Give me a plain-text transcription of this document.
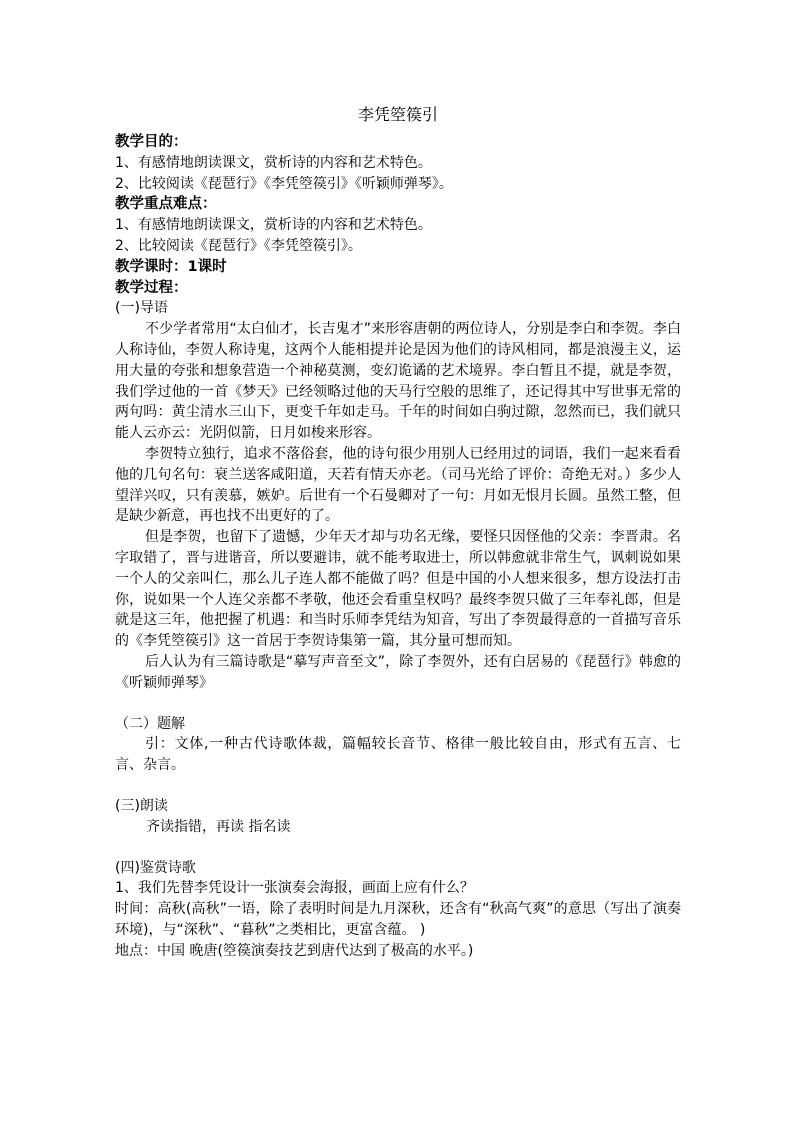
李凭箜篌引
教学目的：
1、有感情地朗读课文，赏析诗的内容和艺术特色。
2、比较阅读《琵琶行》《李凭箜篌引》《听颖师弹琴》。
教学重点难点：
1、有感情地朗读课文，赏析诗的内容和艺术特色。
2、比较阅读《琵琶行》《李凭箜篌引》。
教学课时：1课时
教学过程：
(一)导语
不少学者常用“太白仙才，长吉鬼才”来形容唐朝的两位诗人，分别是李白和李贺。李白人称诗仙，李贺人称诗鬼，这两个人能相提并论是因为他们的诗风相同，都是浪漫主义，运用大量的夸张和想象营造一个神秘莫测，变幻诡谲的艺术境界。李白暂且不提，就是李贺，我们学过他的一首《梦天》已经领略过他的天马行空般的思维了，还记得其中写世事无常的两句吗：黄尘清水三山下，更变千年如走马。千年的时间如白驹过隙，忽然而已，我们就只能人云亦云：光阴似箭，日月如梭来形容。
李贺特立独行，追求不落俗套，他的诗句很少用别人已经用过的词语，我们一起来看看他的几句名句：衰兰送客咸阳道，天若有情天亦老。（司马光给了评价：奇绝无对。）多少人望洋兴叹，只有羡慕，嫉妒。后世有一个石曼卿对了一句：月如无恨月长圆。虽然工整，但是缺少新意，再也找不出更好的了。
但是李贺，也留下了遗憾，少年天才却与功名无缘，要怪只因怪他的父亲：李晋肃。名字取错了，晋与进谐音，所以要避讳，就不能考取进士，所以韩愈就非常生气，讽刺说如果一个人的父亲叫仁，那么儿子连人都不能做了吗？但是中国的小人想来很多，想方设法打击你，说如果一个人连父亲都不孝敬，他还会看重皇权吗？最终李贺只做了三年奉礼郎，但是就是这三年，他把握了机遇：和当时乐师李凭结为知音，写出了李贺最得意的一首描写音乐的《李凭箜篌引》这一首居于李贺诗集第一篇，其分量可想而知。
后人认为有三篇诗歌是“摹写声音至文”，除了李贺外，还有白居易的《琵琶行》韩愈的《听颖师弹琴》
（二）题解
引：文体,一种古代诗歌体裁，篇幅较长音节、格律一般比较自由，形式有五言、七言、杂言。
(三)朗读
齐读指错，再读 指名读
(四)鉴赏诗歌
1、我们先替李凭设计一张演奏会海报，画面上应有什么？
时间：高秋(高秋”一语，除了表明时间是九月深秋，还含有“秋高气爽”的意思（写出了演奏环境)，与“深秋”、“暮秋”之类相比，更富含蕴。 )
地点：中国 晚唐(箜篌演奏技艺到唐代达到了极高的水平。)
